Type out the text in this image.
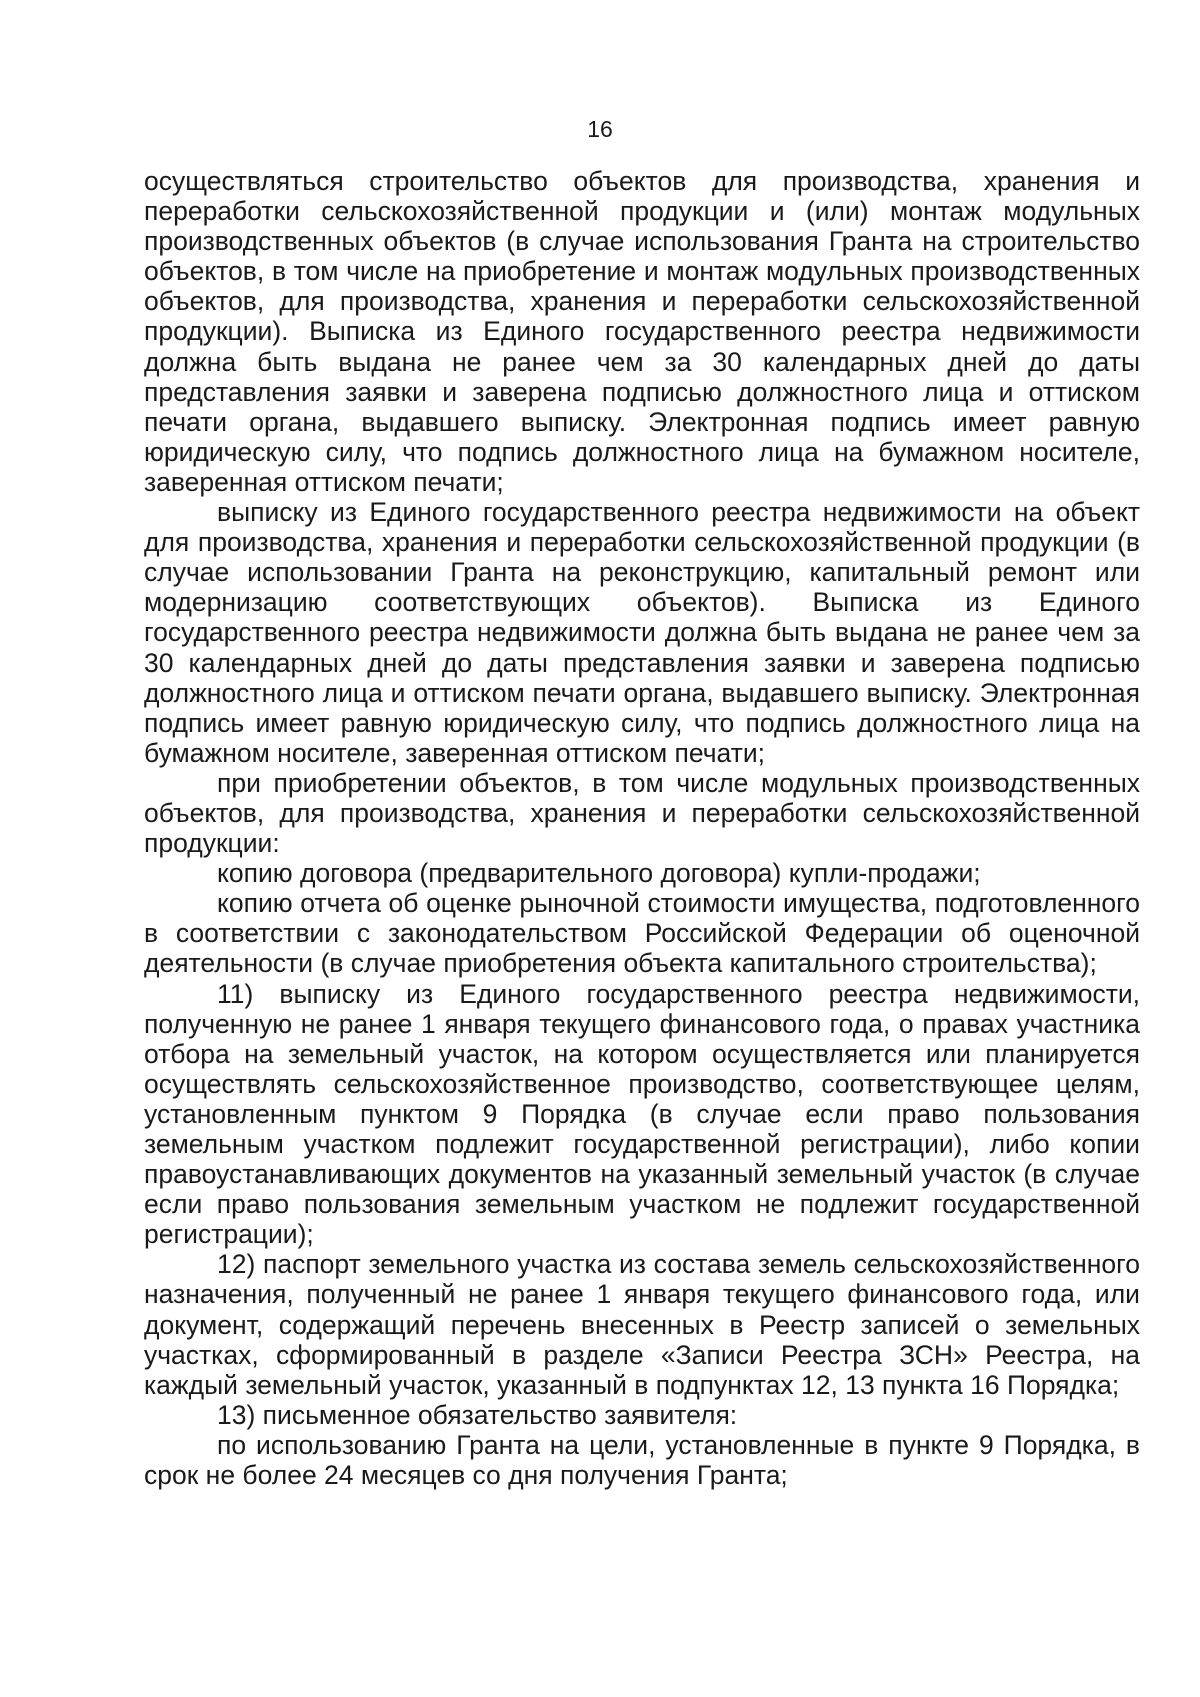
16

осуществляться строительство объектов для производства, хранения и переработки сельскохозяйственной продукции и (или) монтаж модульных производственных объектов (в случае использования Гранта на строительство объектов, в том числе на приобретение и монтаж модульных производственных объектов, для производства, хранения и переработки сельскохозяйственной продукции). Выписка из Единого государственного реестра недвижимости должна быть выдана не ранее чем за 30 календарных дней до даты представления заявки и заверена подписью должностного лица и оттиском печати органа, выдавшего выписку. Электронная подпись имеет равную юридическую силу, что подпись должностного лица на бумажном носителе, заверенная оттиском печати;

выписку из Единого государственного реестра недвижимости на объект для производства, хранения и переработки сельскохозяйственной продукции (в случае использовании Гранта на реконструкцию, капитальный ремонт или модернизацию соответствующих объектов). Выписка из Единого государственного реестра недвижимости должна быть выдана не ранее чем за 30 календарных дней до даты представления заявки и заверена подписью должностного лица и оттиском печати органа, выдавшего выписку. Электронная подпись имеет равную юридическую силу, что подпись должностного лица на бумажном носителе, заверенная оттиском печати;

при приобретении объектов, в том числе модульных производственных объектов, для производства, хранения и переработки сельскохозяйственной продукции:

копию договора (предварительного договора) купли-продажи;

копию отчета об оценке рыночной стоимости имущества, подготовленного в соответствии с законодательством Российской Федерации об оценочной деятельности (в случае приобретения объекта капитального строительства);

11) выписку из Единого государственного реестра недвижимости, полученную не ранее 1 января текущего финансового года, о правах участника отбора на земельный участок, на котором осуществляется или планируется осуществлять сельскохозяйственное производство, соответствующее целям, установленным пунктом 9 Порядка (в случае если право пользования земельным участком подлежит государственной регистрации), либо копии правоустанавливающих документов на указанный земельный участок (в случае если право пользования земельным участком не подлежит государственной регистрации);

12) паспорт земельного участка из состава земель сельскохозяйственного назначения, полученный не ранее 1 января текущего финансового года, или документ, содержащий перечень внесенных в Реестр записей о земельных участках, сформированный в разделе «Записи Реестра ЗСН» Реестра, на каждый земельный участок, указанный в подпунктах 12, 13 пункта 16 Порядка;

13) письменное обязательство заявителя:

по использованию Гранта на цели, установленные в пункте 9 Порядка, в срок не более 24 месяцев со дня получения Гранта;
